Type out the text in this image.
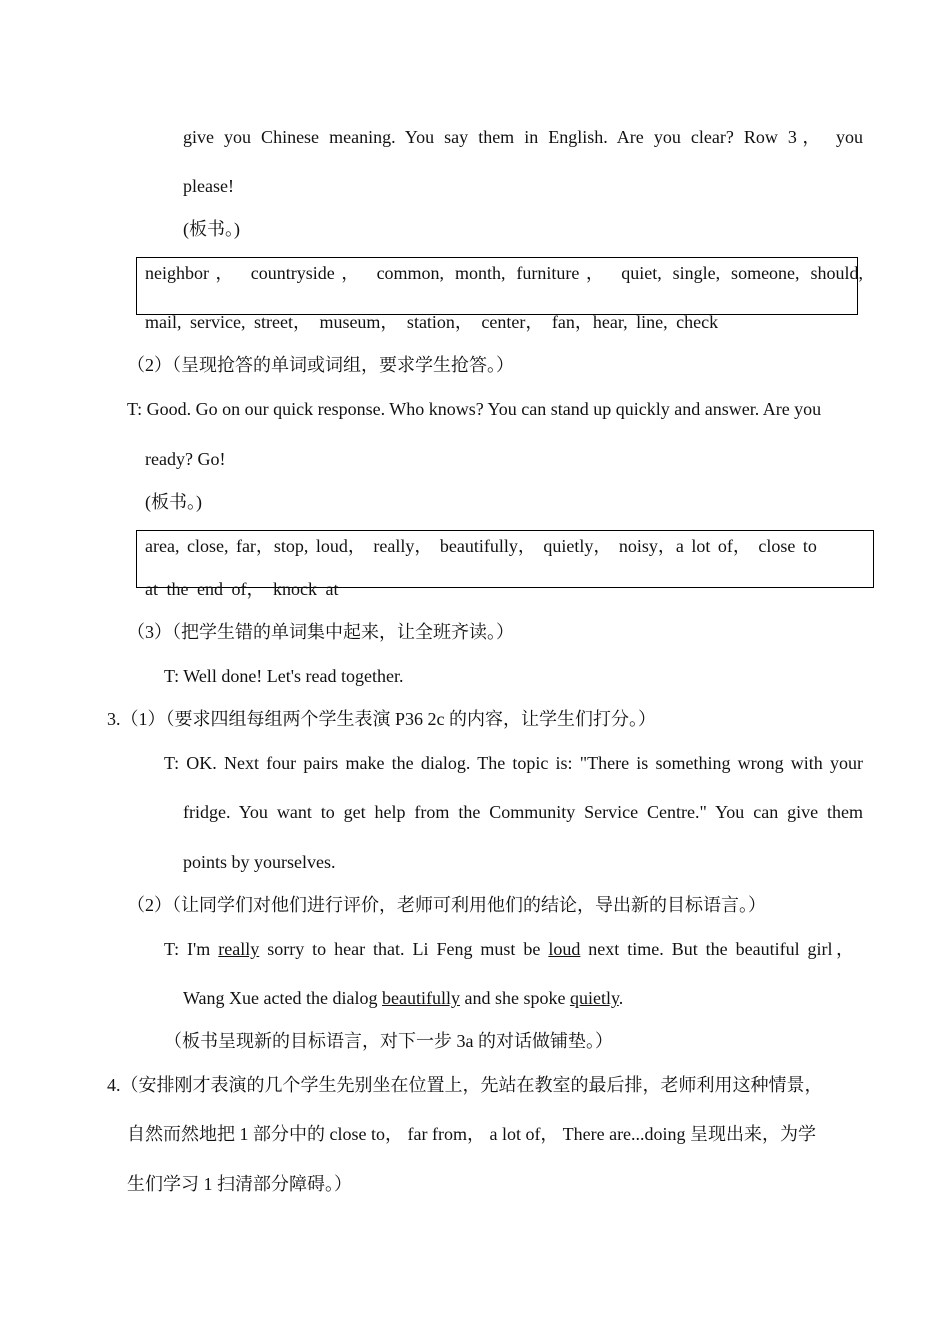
give you Chinese meaning. You say them in English. Are you clear? Row 3， you
please!
(板书。)
neighbor， countryside， common, month, furniture， quiet, single, someone, should,
mail, service, street， museum， station， center， fan，hear, line, check
（2）（呈现抢答的单词或词组，要求学生抢答。）
T: Good. Go on our quick response. Who knows? You can stand up quickly and answer. Are you
ready? Go!
(板书。)
area, close, far，stop, loud， really， beautifully， quietly， noisy，a lot of， close to
at the end of， knock at
（3）（把学生错的单词集中起来，让全班齐读。）
T: Well done! Let's read together.
3.（1）（要求四组每组两个学生表演 P36 2c 的内容，让学生们打分。）
T: OK. Next four pairs make the dialog. The topic is: "There is something wrong with your
fridge. You want to get help from the Community Service Centre." You can give them
points by yourselves.
（2）（让同学们对他们进行评价，老师可利用他们的结论，导出新的目标语言。）
T: I'm really sorry to hear that. Li Feng must be loud next time. But the beautiful girl，
Wang Xue acted the dialog beautifully and she spoke quietly.
（板书呈现新的目标语言，对下一步 3a 的对话做铺垫。）
4.（安排刚才表演的几个学生先别坐在位置上，先站在教室的最后排，老师利用这种情景，
自然而然地把 1 部分中的 close to， far from， a lot of， There are...doing 呈现出来，为学
生们学习 1 扫清部分障碍。）
